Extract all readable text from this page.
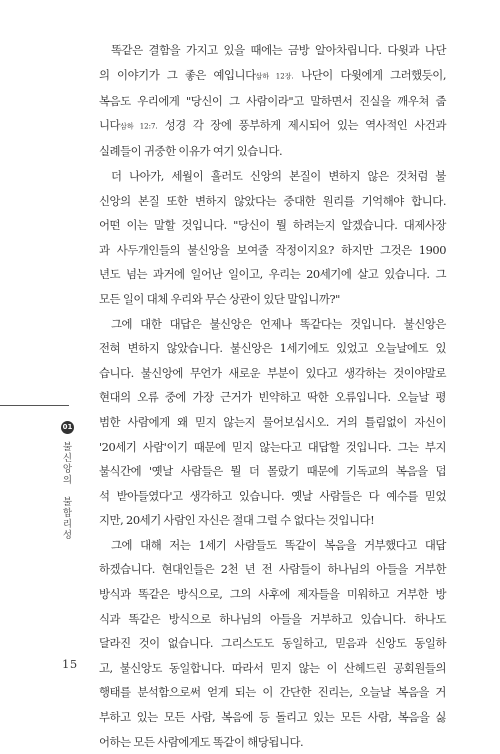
똑같은 결함을 가지고 있을 때에는 금방 알아차립니다. 다윗과 나단
의 이야기가 그 좋은 예입니다삼하 12장. 나단이 다윗에게 그러했듯이,
복음도 우리에게 "당신이 그 사람이라"고 말하면서 진실을 깨우쳐 줍
니다삼하 12:7. 성경 각 장에 풍부하게 제시되어 있는 역사적인 사건과
실례들이 귀중한 이유가 여기 있습니다.

더 나아가, 세월이 흘러도 신앙의 본질이 변하지 않은 것처럼 불
신앙의 본질 또한 변하지 않았다는 중대한 원리를 기억해야 합니다.
어떤 이는 말할 것입니다. "당신이 뭘 하려는지 알겠습니다. 대제사장
과 사두개인들의 불신앙을 보여줄 작정이지요? 하지만 그것은 1900
년도 넘는 과거에 일어난 일이고, 우리는 20세기에 살고 있습니다. 그
모든 일이 대체 우리와 무슨 상관이 있단 말입니까?"

그에 대한 대답은 불신앙은 언제나 똑같다는 것입니다. 불신앙은
전혀 변하지 않았습니다. 불신앙은 1세기에도 있었고 오늘날에도 있
습니다. 불신앙에 무언가 새로운 부분이 있다고 생각하는 것이야말로
현대의 오류 중에 가장 근거가 빈약하고 딱한 오류입니다. 오늘날 평
범한 사람에게 왜 믿지 않는지 물어보십시오. 거의 틀림없이 자신이
'20세기 사람'이기 때문에 믿지 않는다고 대답할 것입니다. 그는 부지
불식간에 '옛날 사람들은 뭘 더 몰랐기 때문에 기독교의 복음을 덥
석 받아들였다'고 생각하고 있습니다. 옛날 사람들은 다 예수를 믿었
지만, 20세기 사람인 자신은 절대 그럴 수 없다는 것입니다!

그에 대해 저는 1세기 사람들도 똑같이 복음을 거부했다고 대답
하겠습니다. 현대인들은 2천 년 전 사람들이 하나님의 아들을 거부한
방식과 똑같은 방식으로, 그의 사후에 제자들을 미워하고 거부한 방
식과 똑같은 방식으로 하나님의 아들을 거부하고 있습니다. 하나도
달라진 것이 없습니다. 그리스도도 동일하고, 믿음과 신앙도 동일하
고, 불신앙도 동일합니다. 따라서 믿지 않는 이 산헤드린 공회원들의
행태를 분석함으로써 얻게 되는 이 간단한 진리는, 오늘날 복음을 거
부하고 있는 모든 사람, 복음에 등 돌리고 있는 모든 사람, 복음을 싫
어하는 모든 사람에게도 똑같이 해당됩니다.

01
불
신
앙
의

불
합
리
성
15
